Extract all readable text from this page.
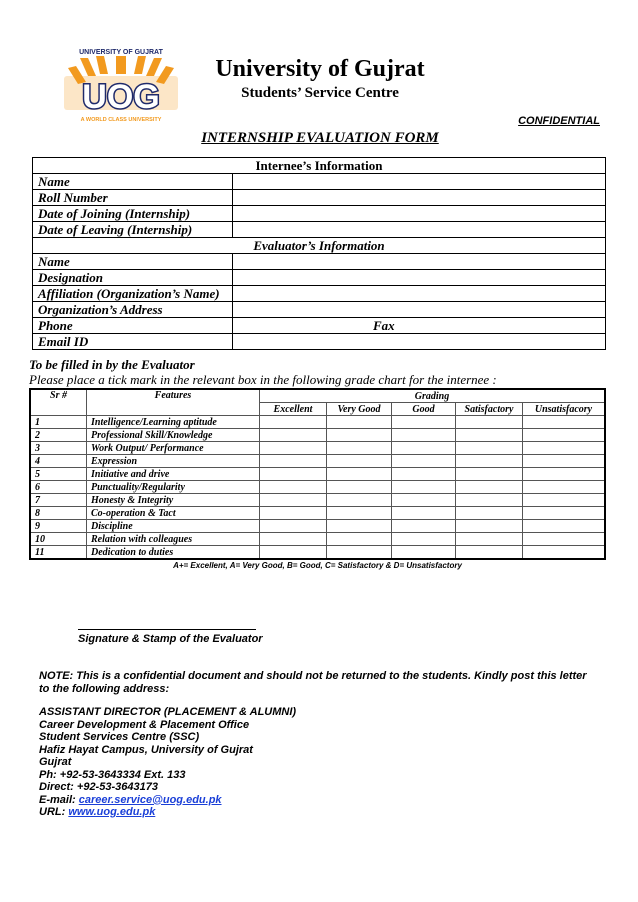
UNIVERSITY OF GUJRAT
UOG
A WORLD CLASS UNIVERSITY
University of Gujrat
Students’ Service Centre
CONFIDENTIAL
INTERNSHIP EVALUATION FORM
Internee’s Information		
Name		
Roll Number		
Date of Joining (Internship)		
Date of Leaving (Internship)		
Evaluator’s Information		
Name		
Designation		
Affiliation (Organization’s Name)		
Organization’s Address		
Phone		Fax
Email ID		
To be filled in by the Evaluator
Please place a tick mark in the relevant box in the following grade chart for the internee :
Sr #	Features	Grading				
		Excellent	Very Good	Good	Satisfactory	Unsatisfacory
1	Intelligence/Learning aptitude					
2	Professional Skill/Knowledge					
3	Work Output/ Performance					
4	Expression					
5	Initiative and drive					
6	Punctuality/Regularity					
7	Honesty & Integrity					
8	Co-operation & Tact					
9	Discipline					
10	Relation with colleagues					
11	Dedication to duties					
A+= Excellent, A= Very Good, B= Good, C= Satisfactory & D= Unsatisfactory
Signature & Stamp of the Evaluator
NOTE: This is a confidential document and should not be returned to the students. Kindly post this letter to the following address:
ASSISTANT DIRECTOR (PLACEMENT & ALUMNI)
Career Development & Placement Office
Student Services Centre (SSC)
Hafiz Hayat Campus, University of Gujrat
Gujrat
Ph: +92-53-3643334 Ext. 133
Direct: +92-53-3643173
E-mail: career.service@uog.edu.pk
URL: www.uog.edu.pk
